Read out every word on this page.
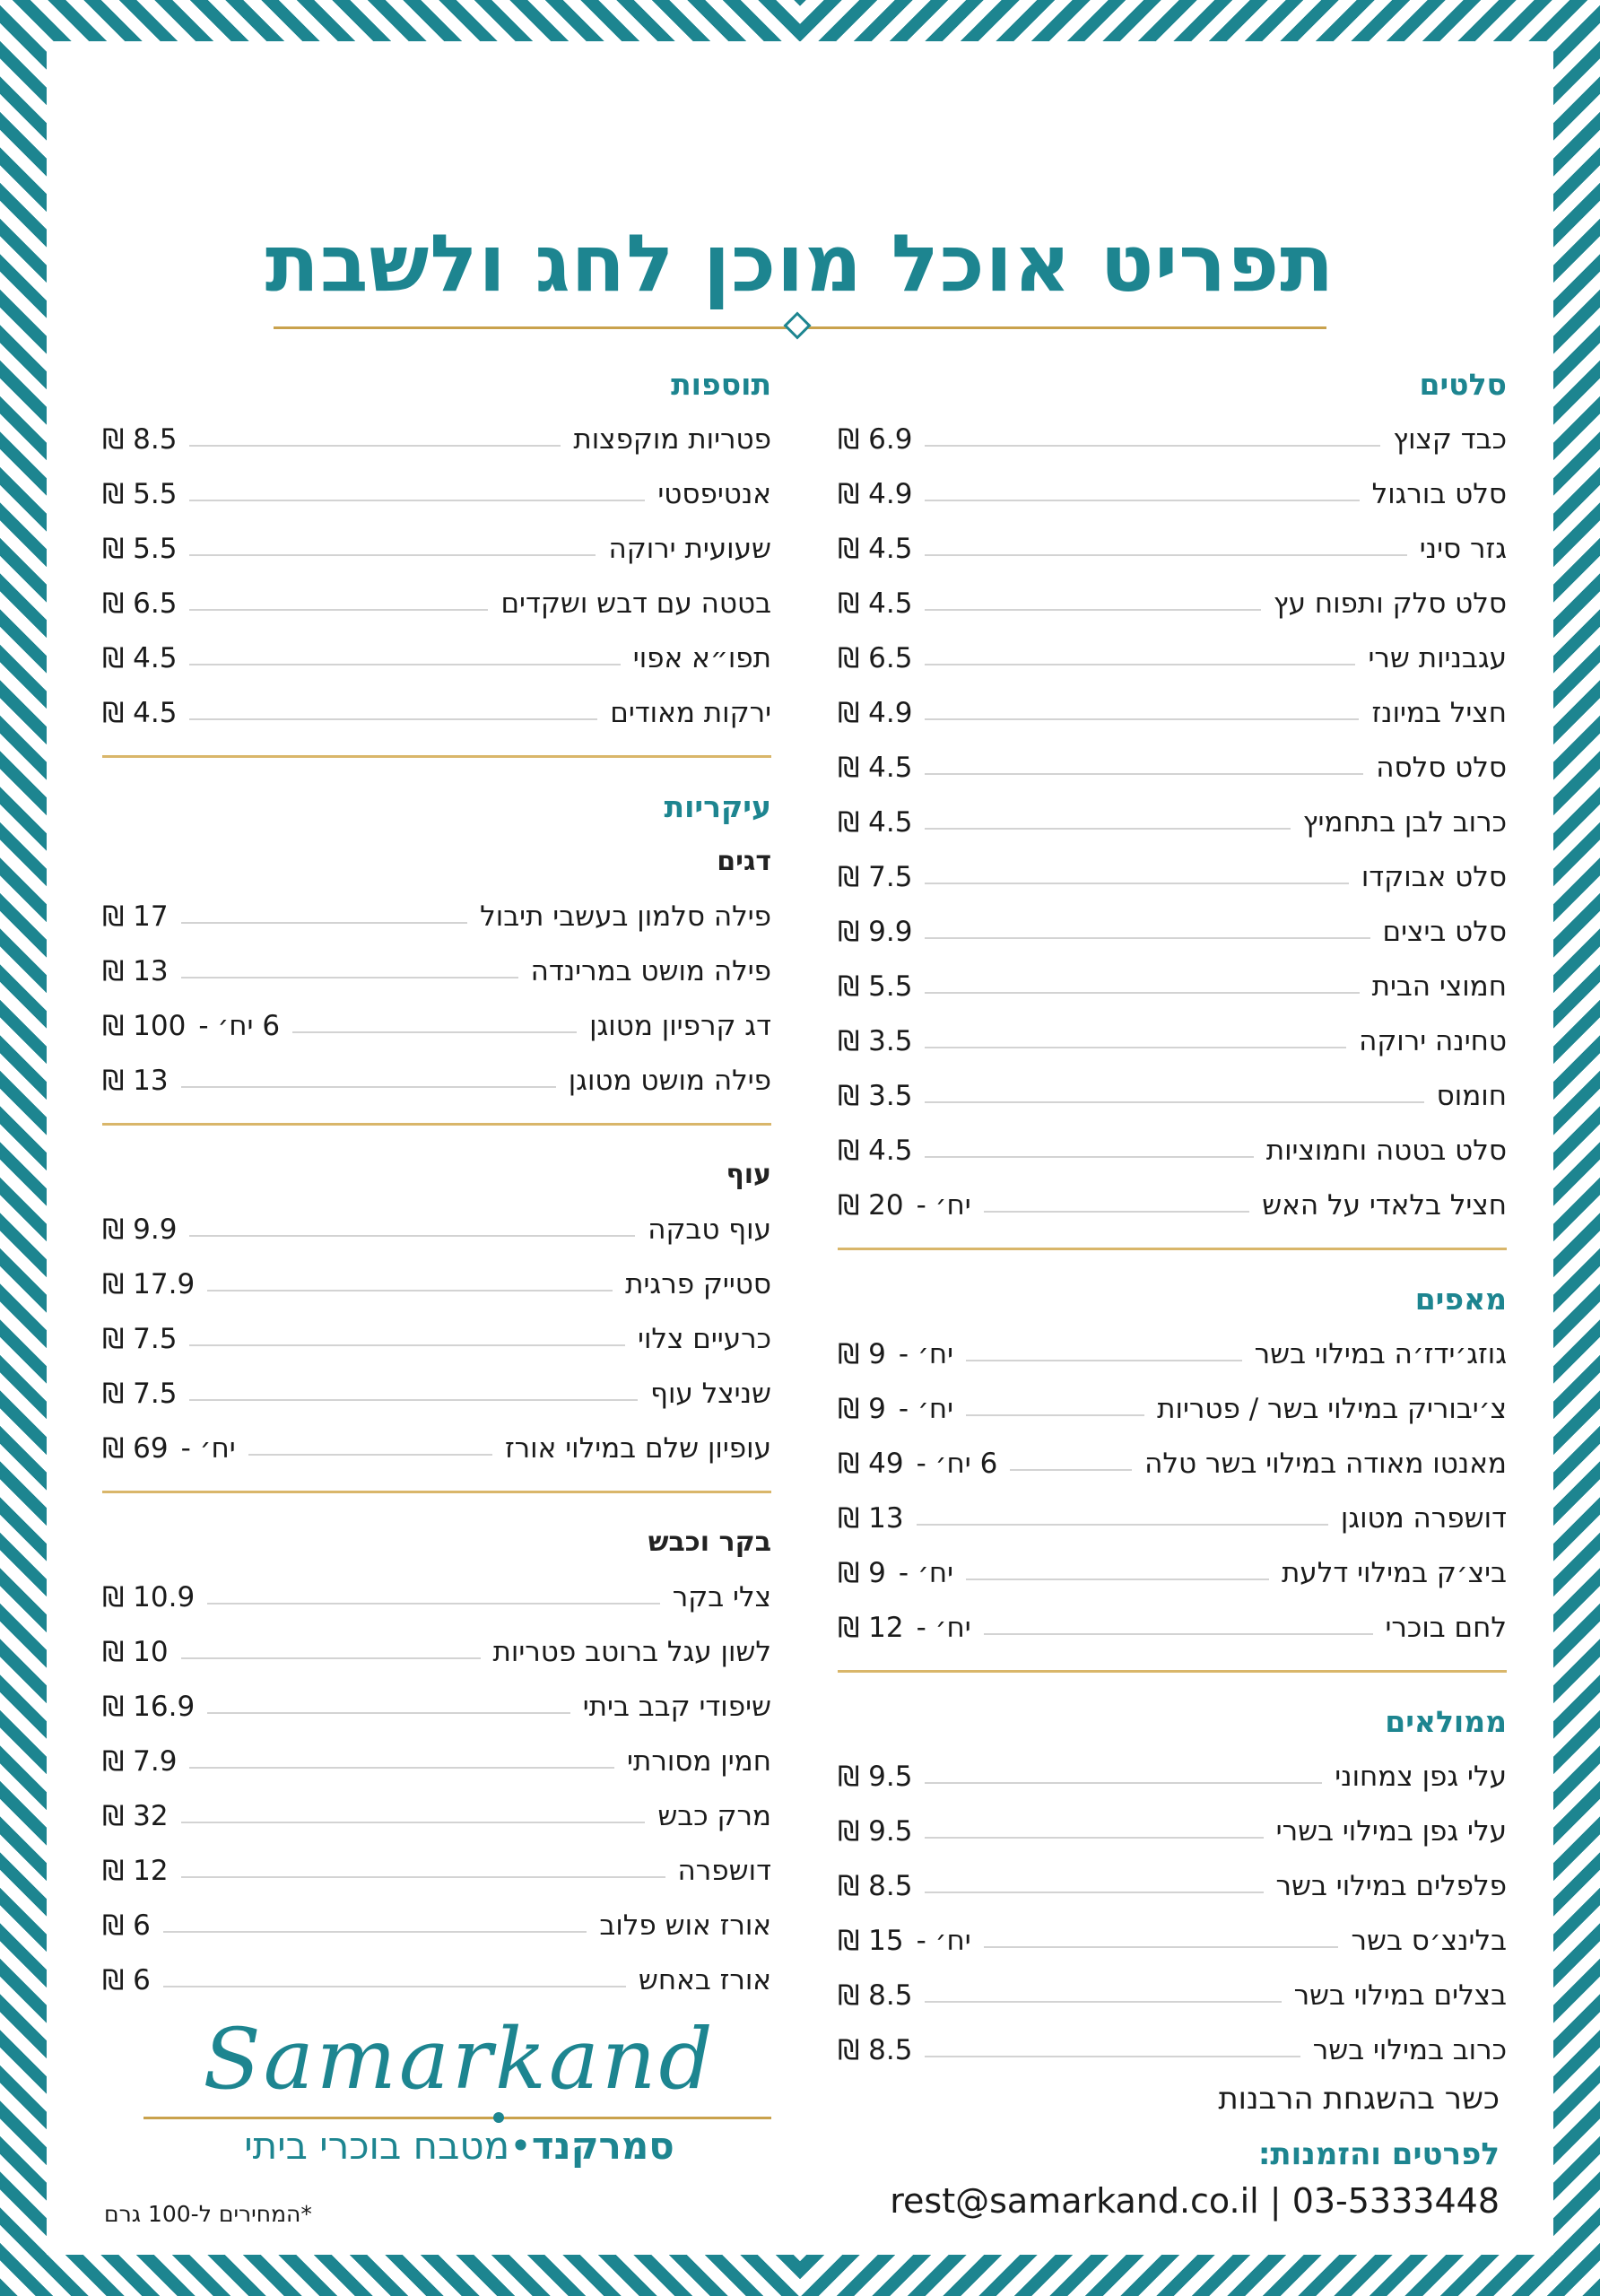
תפריט אוכל מוכן לחג ולשבת
סלטים
כבד קצוץ
₪ 6.9
סלט בורגול
₪ 4.9
גזר סיני
₪ 4.5
סלט סלק ותפוח עץ
₪ 4.5
עגבניות שרי
₪ 6.5
חציל במיונז
₪ 4.9
סלט סלסה
₪ 4.5
כרוב לבן בתחמיץ
₪ 4.5
סלט אבוקדו
₪ 7.5
סלט ביצים
₪ 9.9
חמוצי הבית
₪ 5.5
טחינה ירוקה
₪ 3.5
חומוס
₪ 3.5
סלט בטטה וחמוציות
₪ 4.5
חציל בלאדי על האש
יח׳ -
₪ 20
מאפים
גוזג׳ידז׳ה במילוי בשר
יח׳ -
₪ 9
צ׳יבוריק במילוי בשר / פטריות
יח׳ -
₪ 9
מאנטו מאודה במילוי בשר טלה
6 יח׳ -
₪ 49
דושפרה מטוגן
₪ 13
ביצ׳ק במילוי דלעת
יח׳ -
₪ 9
לחם בוכרי
יח׳ -
₪ 12
ממולאים
עלי גפן צמחוני
₪ 9.5
עלי גפן במילוי בשרי
₪ 9.5
פלפלים במילוי בשר
₪ 8.5
בלינצ׳ס בשר
יח׳ -
₪ 15
בצלים במילוי בשר
₪ 8.5
כרוב במילוי בשר
₪ 8.5
תוספות
פטריות מוקפצות
₪ 8.5
אנטיפסטי
₪ 5.5
שעועית ירוקה
₪ 5.5
בטטה עם דבש ושקדים
₪ 6.5
תפו״א אפוי
₪ 4.5
ירקות מאודים
₪ 4.5
עיקריות
דגים
פילה סלמון בעשבי תיבול
₪ 17
פילה מושט במרינדה
₪ 13
דג קרפיון מטוגן
6 יח׳ -
₪ 100
פילה מושט מטוגן
₪ 13
עוף
עוף טבקה
₪ 9.9
סטייק פרגית
₪ 17.9
כרעיים צלוי
₪ 7.5
שניצל עוף
₪ 7.5
עופיון שלם במילוי אורז
יח׳ -
₪ 69
בקר וכבש
צלי בקר
₪ 10.9
לשון עגל ברוטב פטריות
₪ 10
שיפודי קבב ביתי
₪ 16.9
חמין מסורתי
₪ 7.9
מרק כבש
₪ 32
דושפרה
₪ 12
אורז אוש פלוב
₪ 6
אורז באחש
₪ 6
כשר בהשגחת הרבנות
לפרטים והזמנות:
rest@samarkand.co.il | 03-5333448
Samarkand
סמרקנד•מטבח בוכרי ביתי
*המחירים ל-100 גרם
